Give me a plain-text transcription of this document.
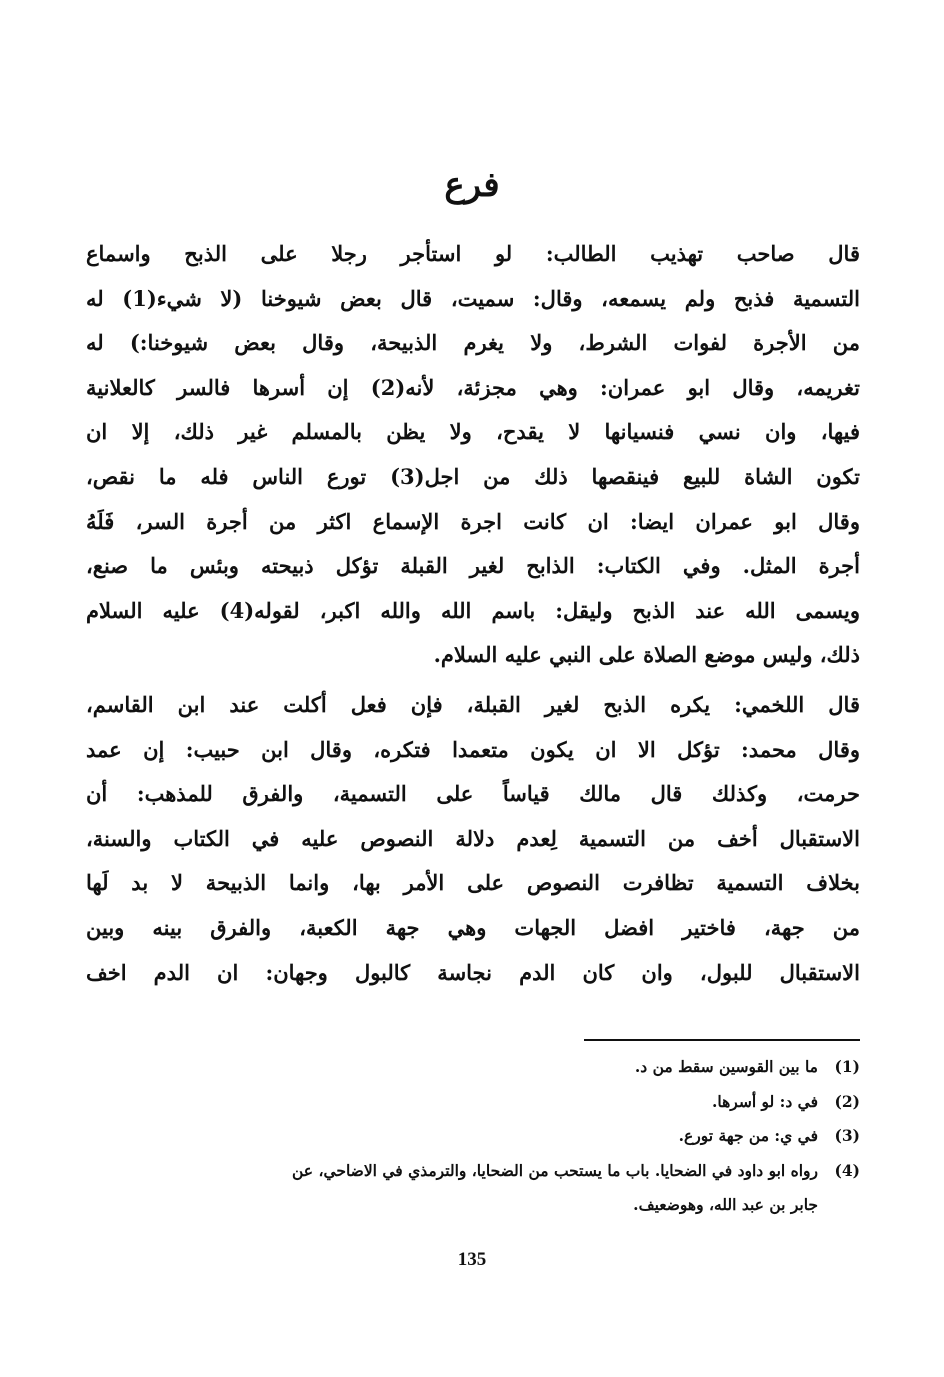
فرع
قال صاحب تهذيب الطالب: لو استأجر رجلا على الذبح واسماع
التسمية فذبح ولم يسمعه، وقال: سميت، قال بعض شيوخنا (لا شيء(1) له
من الأجرة لفوات الشرط، ولا يغرم الذبيحة، وقال بعض شيوخنا:) له
تغريمه، وقال ابو عمران: وهي مجزئة، لأنه(2) إن أسرها فالسر كالعلانية
فيها، وان نسي فنسيانها لا يقدح، ولا يظن بالمسلم غير ذلك، إلا ان
تكون الشاة للبيع فينقصها ذلك من اجل(3) تورع الناس فله ما نقص،
وقال ابو عمران ايضا: ان كانت اجرة الإسماع اكثر من أجرة السر، فَلَهُ
أجرة المثل. وفي الكتاب: الذابح لغير القبلة تؤكل ذبيحته وبئس ما صنع،
ويسمى الله عند الذبح وليقل: باسم الله والله اكبر، لقوله(4) عليه السلام
ذلك، وليس موضع الصلاة على النبي عليه السلام.
قال اللخمي: يكره الذبح لغير القبلة، فإن فعل أكلت عند ابن القاسم،
وقال محمد: تؤكل الا ان يكون متعمدا فتكره، وقال ابن حبيب: إن عمد
حرمت، وكذلك قال مالك قياساً على التسمية، والفرق للمذهب: أن
الاستقبال أخف من التسمية لِعدم دلالة النصوص عليه في الكتاب والسنة،
بخلاف التسمية تظافرت النصوص على الأمر بها، وانما الذبيحة لا بد لَها
من جهة، فاختير افضل الجهات وهي جهة الكعبة، والفرق بينه وبين
الاستقبال للبول، وان كان الدم نجاسة كالبول وجهان: ان الدم اخف
(1)
ما بين القوسين سقط من د.
(2)
في د: لو أسرها.
(3)
في ي: من جهة تورع.
(4)
رواه ابو داود في الضحايا. باب ما يستحب من الضحايا، والترمذي في الاضاحي، عن
جابر بن عبد الله، وهوضعيف.
135
